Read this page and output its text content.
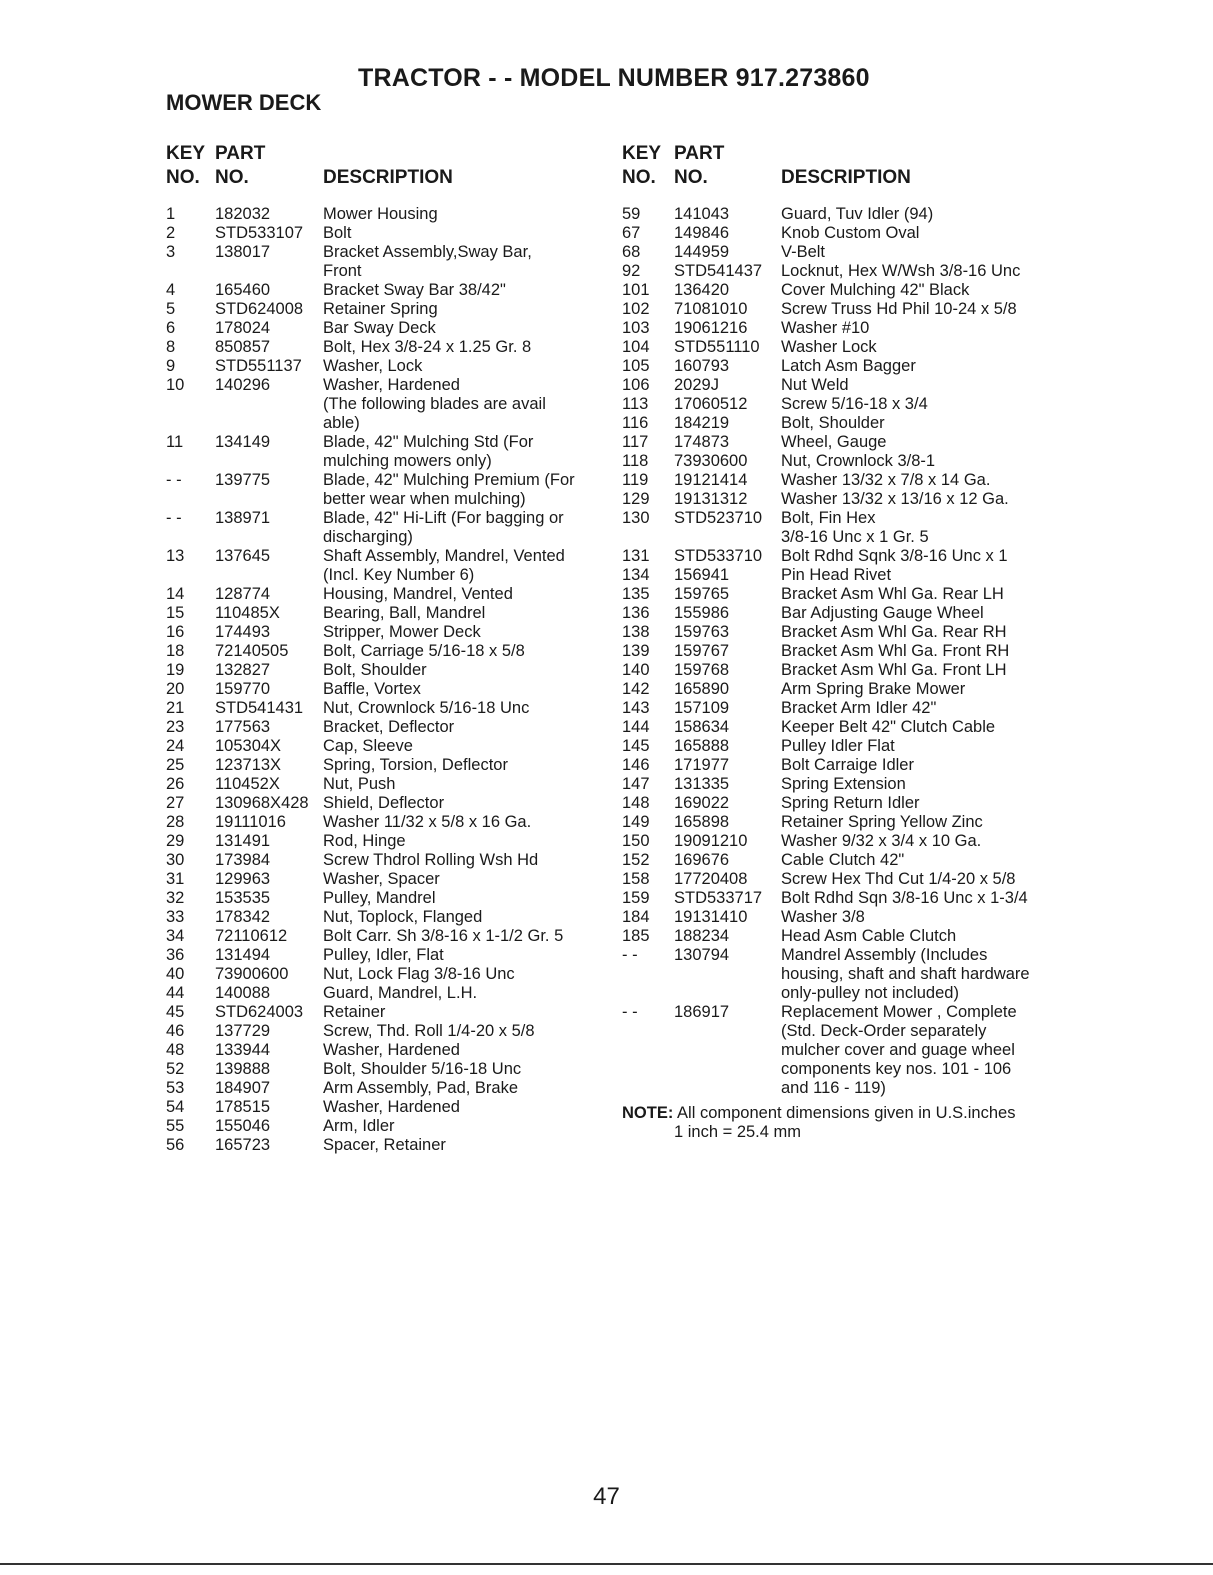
TRACTOR - - MODEL NUMBER 917.273860
MOWER DECK
KEY
NO.
PART
NO.	DESCRIPTION
1 182032	Mower Housing
2 STD533107 Bolt
3 138017	Bracket Assembly,Sway Bar,
Front
4 165460	Bracket Sway Bar 38/42"
5 STD624008 Retainer Spring
6 178024	Bar Sway Deck
8 850857	Bolt, Hex 3/8-24 x 1.25 Gr. 8
9 STD551137 Washer, Lock
10 140296	Washer, Hardened
(The following blades are avail
able)
11 134149	Blade, 42" Mulching Std (For
mulching mowers only)
- - 139775	Blade, 42" Mulching Premium (For
better wear when mulching)
- - 138971	Blade, 42" Hi-Lift (For bagging or
discharging)
13 137645	Shaft Assembly, Mandrel, Vented
(Incl. Key Number 6)
14 128774	Housing, Mandrel, Vented
15 110485X	Bearing, Ball, Mandrel
16 174493	Stripper, Mower Deck
18 72140505 Bolt, Carriage 5/16-18 x 5/8
19 132827	Bolt, Shoulder
20 159770	Baffle, Vortex
21 STD541431 Nut, Crownlock 5/16-18 Unc
23 177563	Bracket, Deflector
24 105304X	Cap, Sleeve
25 123713X	Spring, Torsion, Deflector
26 110452X	Nut, Push
27 130968X428 Shield, Deflector
28 19111016 Washer 11/32 x 5/8 x 16 Ga.
29 131491	Rod, Hinge
30 173984	Screw Thdrol Rolling Wsh Hd
31 129963	Washer, Spacer
32 153535	Pulley, Mandrel
33 178342	Nut, Toplock, Flanged
34 72110612 Bolt Carr. Sh 3/8-16 x 1-1/2 Gr. 5
36 131494	Pulley, Idler, Flat
40 73900600 Nut, Lock Flag 3/8-16 Unc
44 140088	Guard, Mandrel, L.H.
45 STD624003 Retainer
46 137729	Screw, Thd. Roll 1/4-20 x 5/8
48 133944	Washer, Hardened
52 139888	Bolt, Shoulder 5/16-18 Unc
53 184907	Arm Assembly, Pad, Brake
54 178515	Washer, Hardened
55 155046	Arm, Idler
56 165723	Spacer, Retainer
KEY
NO.
PART
NO.	DESCRIPTION
59 141043	Guard, Tuv Idler (94)
67 149846	Knob Custom Oval
68 144959	V-Belt
92 STD541437 Locknut, Hex W/Wsh 3/8-16 Unc
101 136420	Cover Mulching 42" Black
102 71081010 Screw Truss Hd Phil 10-24 x 5/8
103 19061216 Washer #10
104 STD551110 Washer Lock
105 160793	Latch Asm Bagger
106 2029J	Nut Weld
113 17060512 Screw 5/16-18 x 3/4
116 184219	Bolt, Shoulder
117 174873	Wheel, Gauge
118 73930600 Nut, Crownlock 3/8-1
119 19121414 Washer 13/32 x 7/8 x 14 Ga.
129 19131312 Washer 13/32 x 13/16 x 12 Ga.
130 STD523710 Bolt, Fin Hex
3/8-16 Unc x 1 Gr. 5
131 STD533710 Bolt Rdhd Sqnk 3/8-16 Unc x 1
134 156941	Pin Head Rivet
135 159765	Bracket Asm Whl Ga. Rear LH
136 155986	Bar Adjusting Gauge Wheel
138 159763	Bracket Asm Whl Ga. Rear RH
139 159767	Bracket Asm Whl Ga. Front RH
140 159768	Bracket Asm Whl Ga. Front LH
142 165890	Arm Spring Brake Mower
143 157109	Bracket Arm Idler 42"
144 158634	Keeper Belt 42" Clutch Cable
145 165888	Pulley Idler Flat
146 171977	Bolt Carraige Idler
147 131335	Spring Extension
148 169022	Spring Return Idler
149 165898	Retainer Spring Yellow Zinc
150 19091210 Washer 9/32 x 3/4 x 10 Ga.
152 169676	Cable Clutch 42"
158 17720408 Screw Hex Thd Cut 1/4-20 x 5/8
159 STD533717 Bolt Rdhd Sqn 3/8-16 Unc x 1-3/4
184 19131410 Washer 3/8
185 188234	Head Asm Cable Clutch
- - 130794	Mandrel Assembly (Includes
housing, shaft and shaft hardware
only-pulley not included)
- - 186917	Replacement Mower , Complete
(Std. Deck-Order separately
mulcher cover and guage wheel
components key nos. 101 - 106
and 116 - 119)
NOTE: All component dimensions given in U.S.inches
1 inch = 25.4 mm
47
